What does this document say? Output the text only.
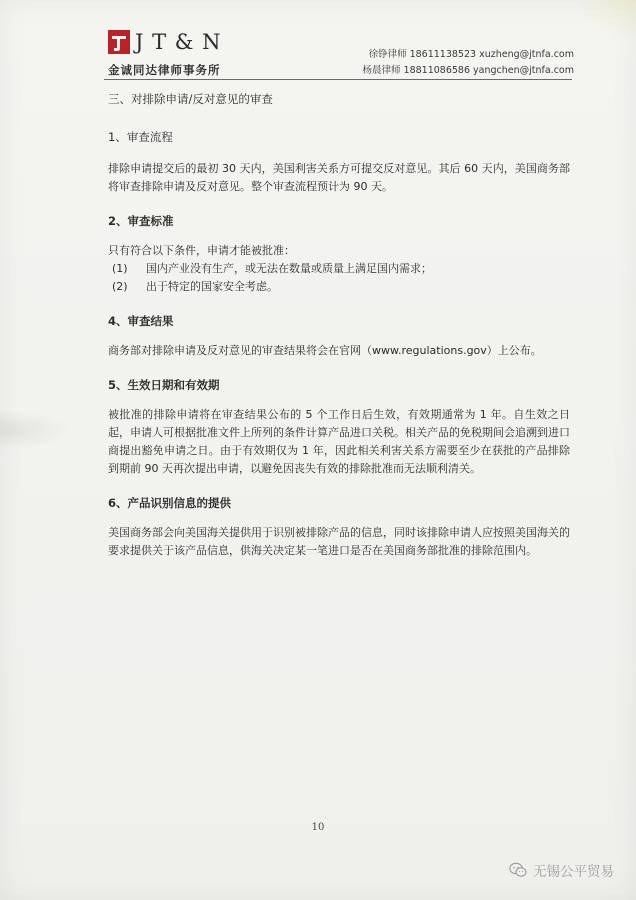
J T & N
金诚同达律师事务所
徐铮律师 18611138523 xuzheng@jtnfa.com
杨晨律师 18811086586 yangchen@jtnfa.com

三、对排除申请/反对意见的审查

1、审查流程

排除申请提交后的最初 30 天内，美国利害关系方可提交反对意见。其后 60 天内，美国商务部将审查排除申请及反对意见。整个审查流程预计为 90 天。

2、审查标准

只有符合以下条件，申请才能被批准：

(1)	国内产业没有生产，或无法在数量或质量上满足国内需求；
(2)	出于特定的国家安全考虑。

4、审查结果

商务部对排除申请及反对意见的审查结果将会在官网（www.regulations.gov）上公布。

5、生效日期和有效期

被批准的排除申请将在审查结果公布的 5 个工作日后生效，有效期通常为 1 年。自生效之日起，申请人可根据批准文件上所列的条件计算产品进口关税。相关产品的免税期间会追溯到进口商提出豁免申请之日。由于有效期仅为 1 年，因此相关利害关系方需要至少在获批的产品排除到期前 90 天再次提出申请，以避免因丧失有效的排除批准而无法顺利清关。

6、产品识别信息的提供

美国商务部会向美国海关提供用于识别被排除产品的信息，同时该排除申请人应按照美国海关的要求提供关于该产品信息，供海关决定某一笔进口是否在美国商务部批准的排除范围内。

10
无锡公平贸易
